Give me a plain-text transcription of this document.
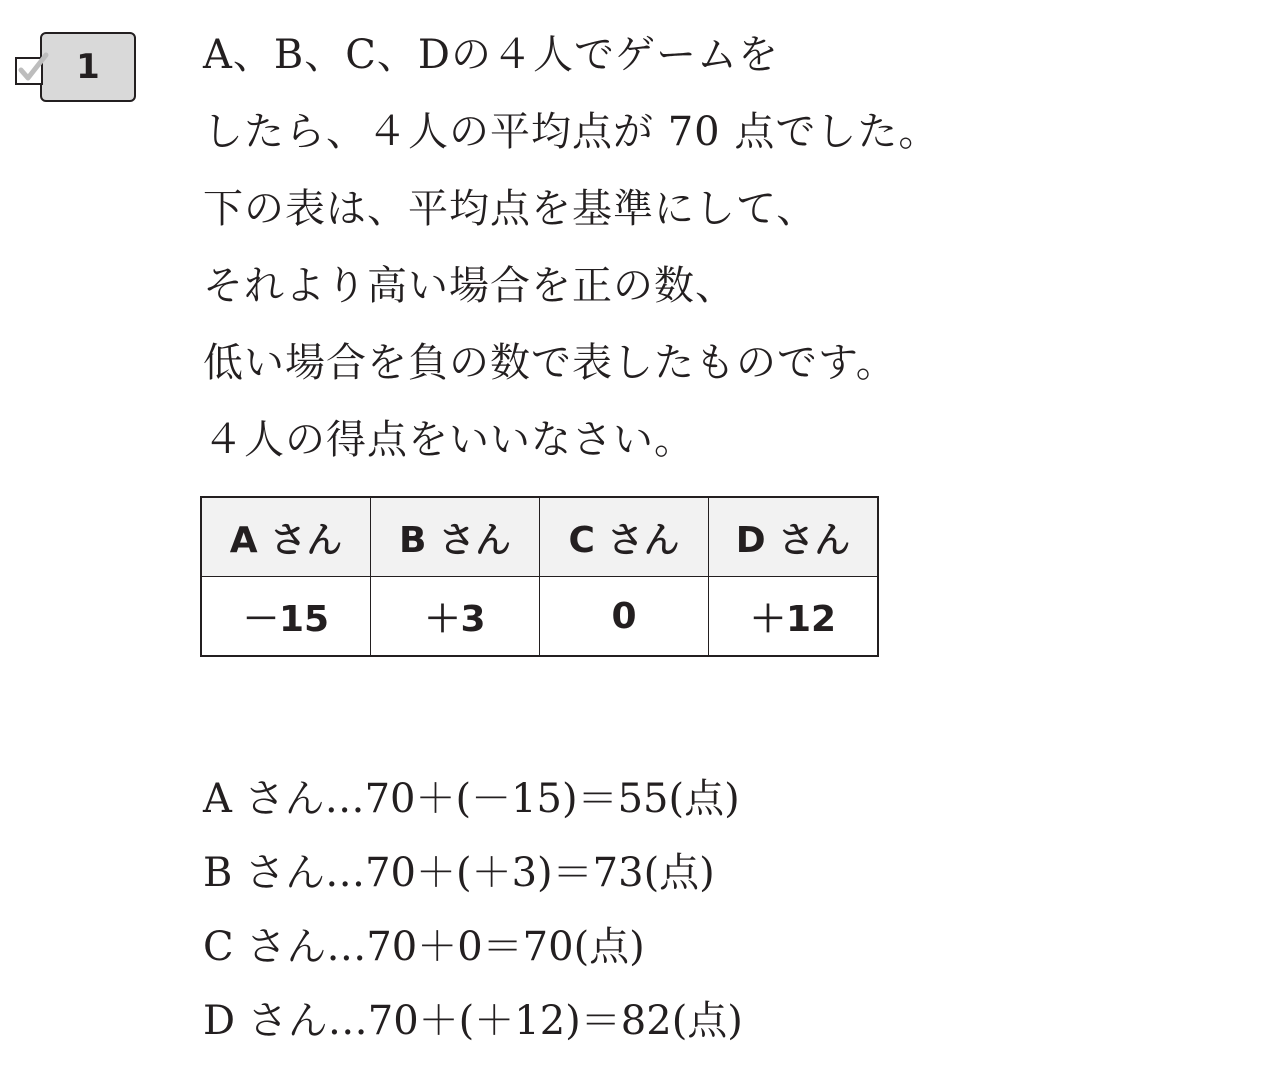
1	A、B、C、Dの４人でゲームを
したら、４人の平均点が 70 点でした。
下の表は、平均点を基準にして、
それより高い場合を正の数、
低い場合を負の数で表したものです。
４人の得点をいいなさい。
A さん	B さん	C さん	D さん
－15	＋3	0	＋12
A さん…70＋(－15)＝55(点)
B さん…70＋(＋3)＝73(点)
C さん…70＋0＝70(点)
D さん…70＋(＋12)＝82(点)
